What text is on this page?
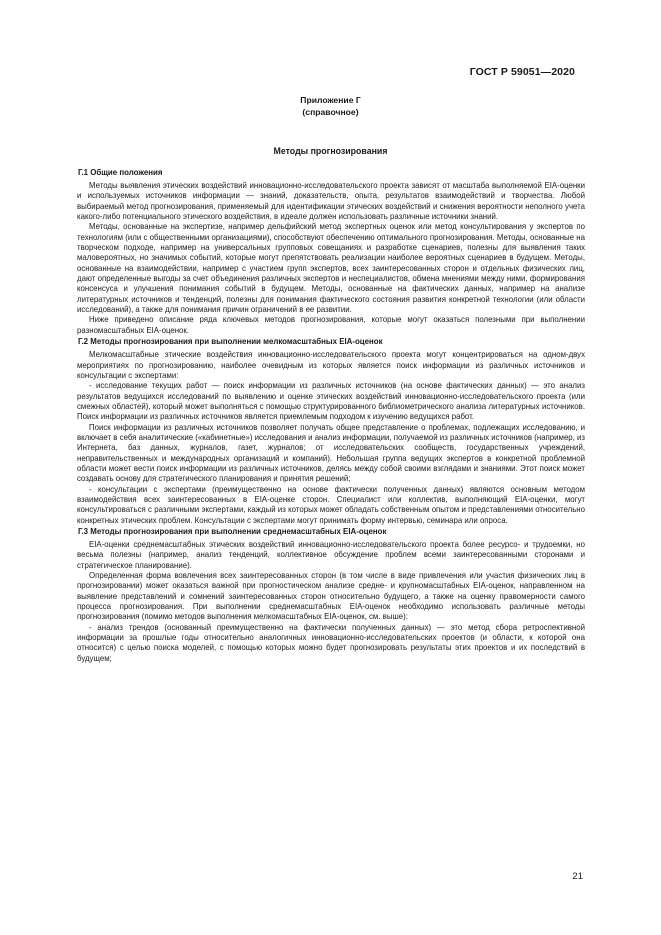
ГОСТ Р 59051—2020
Приложение Г
(справочное)
Методы прогнозирования
Г.1 Общие положения

Методы выявления этических воздействий инновационно-исследовательского проекта зависят от масштаба выполняемой EIA-оценки и используемых источников информации — знаний, доказательств, опыта, результатов взаимодействий и творчества. Любой выбираемый метод прогнозирования, применяемый для идентификации этических воздействий и снижения вероятности неполного учета какого-либо потенциального этического воздействия, в идеале должен использовать различные источники знаний.

Методы, основанные на экспертизе, например дельфийский метод экспертных оценок или метод консультирования у экспертов по технологиям (или с общественными организациями), способствуют обеспечению оптимального прогнозирования. Методы, основанные на творческом подходе, например на универсальных групповых совещаниях и разработке сценариев, полезны для выявления таких маловероятных, но значимых событий, которые могут препятствовать реализации наиболее вероятных сценариев в будущем. Методы, основанные на взаимодействии, например с участием групп экспертов, всех заинтересованных сторон и отдельных физических лиц, дают определенные выгоды за счет объединения различных экспертов и неспециалистов, обмена мнениями между ними, формирования консенсуса и улучшения понимания событий в будущем. Методы, основанные на фактических данных, например на анализе литературных источников и тенденций, полезны для понимания фактического состояния развития конкретной технологии (или области исследований), а также для понимания причин ограничений в ее развитии.

Ниже приведено описание ряда ключевых методов прогнозирования, которые могут оказаться полезными при выполнении разномасштабных EIA-оценок.

Г.2 Методы прогнозирования при выполнении мелкомасштабных EIA-оценок

Мелкомасштабные этические воздействия инновационно-исследовательского проекта могут концентрироваться на одном-двух мероприятиях по прогнозированию, наиболее очевидным из которых является поиск информации из различных источников и консультации с экспертами:

- исследование текущих работ — поиск информации из различных источников (на основе фактических данных) — это анализ результатов ведущихся исследований по выявлению и оценке этических воздействий инновационно-исследовательского проекта (или смежных областей), который может выполняться с помощью структурированного библиометрического анализа литературных источников. Поиск информации из различных источников является приемлемым подходом к изучению ведущихся работ.

Поиск информации из различных источников позволяет получать общее представление о проблемах, подлежащих исследованию, и включает в себя аналитические («кабинетные») исследования и анализ информации, получаемой из различных источников (например, из Интернета, баз данных, журналов, газет, журналов; от исследовательских сообществ, государственных учреждений, неправительственных и международных организаций и компаний). Небольшая группа ведущих экспертов в конкретной проблемной области может вести поиск информации из различных источников, делясь между собой своими взглядами и знаниями. Этот поиск может создавать основу для стратегического планирования и принятия решений;

- консультации с экспертами (преимущественно на основе фактически полученных данных) являются основным методом взаимодействия всех заинтересованных в EIA-оценке сторон. Специалист или коллектив, выполняющий EIA-оценки, могут консультироваться с различными экспертами, каждый из которых может обладать собственным опытом и представлениями относительно конкретных этических проблем. Консультации с экспертами могут принимать форму интервью, семинара или опроса.

Г.3 Методы прогнозирования при выполнении среднемасштабных EIA-оценок

EIA-оценки среднемасштабных этических воздействий инновационно-исследовательского проекта более ресурсо- и трудоемки, но весьма полезны (например, анализ тенденций, коллективное обсуждение проблем всеми заинтересованными сторонами и стратегическое планирование).

Определенная форма вовлечения всех заинтересованных сторон (в том числе в виде привлечения или участия физических лиц в прогнозировании) может оказаться важной при прогностическом анализе средне- и крупномасштабных EIA-оценок, направленном на выявление представлений и сомнений заинтересованных сторон относительно будущего, а также на оценку правомерности самого процесса прогнозирования. При выполнении среднемасштабных EIA-оценок необходимо использовать различные методы прогнозирования (помимо методов выполнения мелкомасштабных EIA-оценок, см. выше):

- анализ трендов (основанный преимущественно на фактически полученных данных) — это метод сбора ретроспективной информации за прошлые годы относительно аналогичных инновационно-исследовательских проектов (и области, к которой она относится) с целью поиска моделей, с помощью которых можно будет прогнозировать результаты этих проектов и их последствий в будущем;

21
